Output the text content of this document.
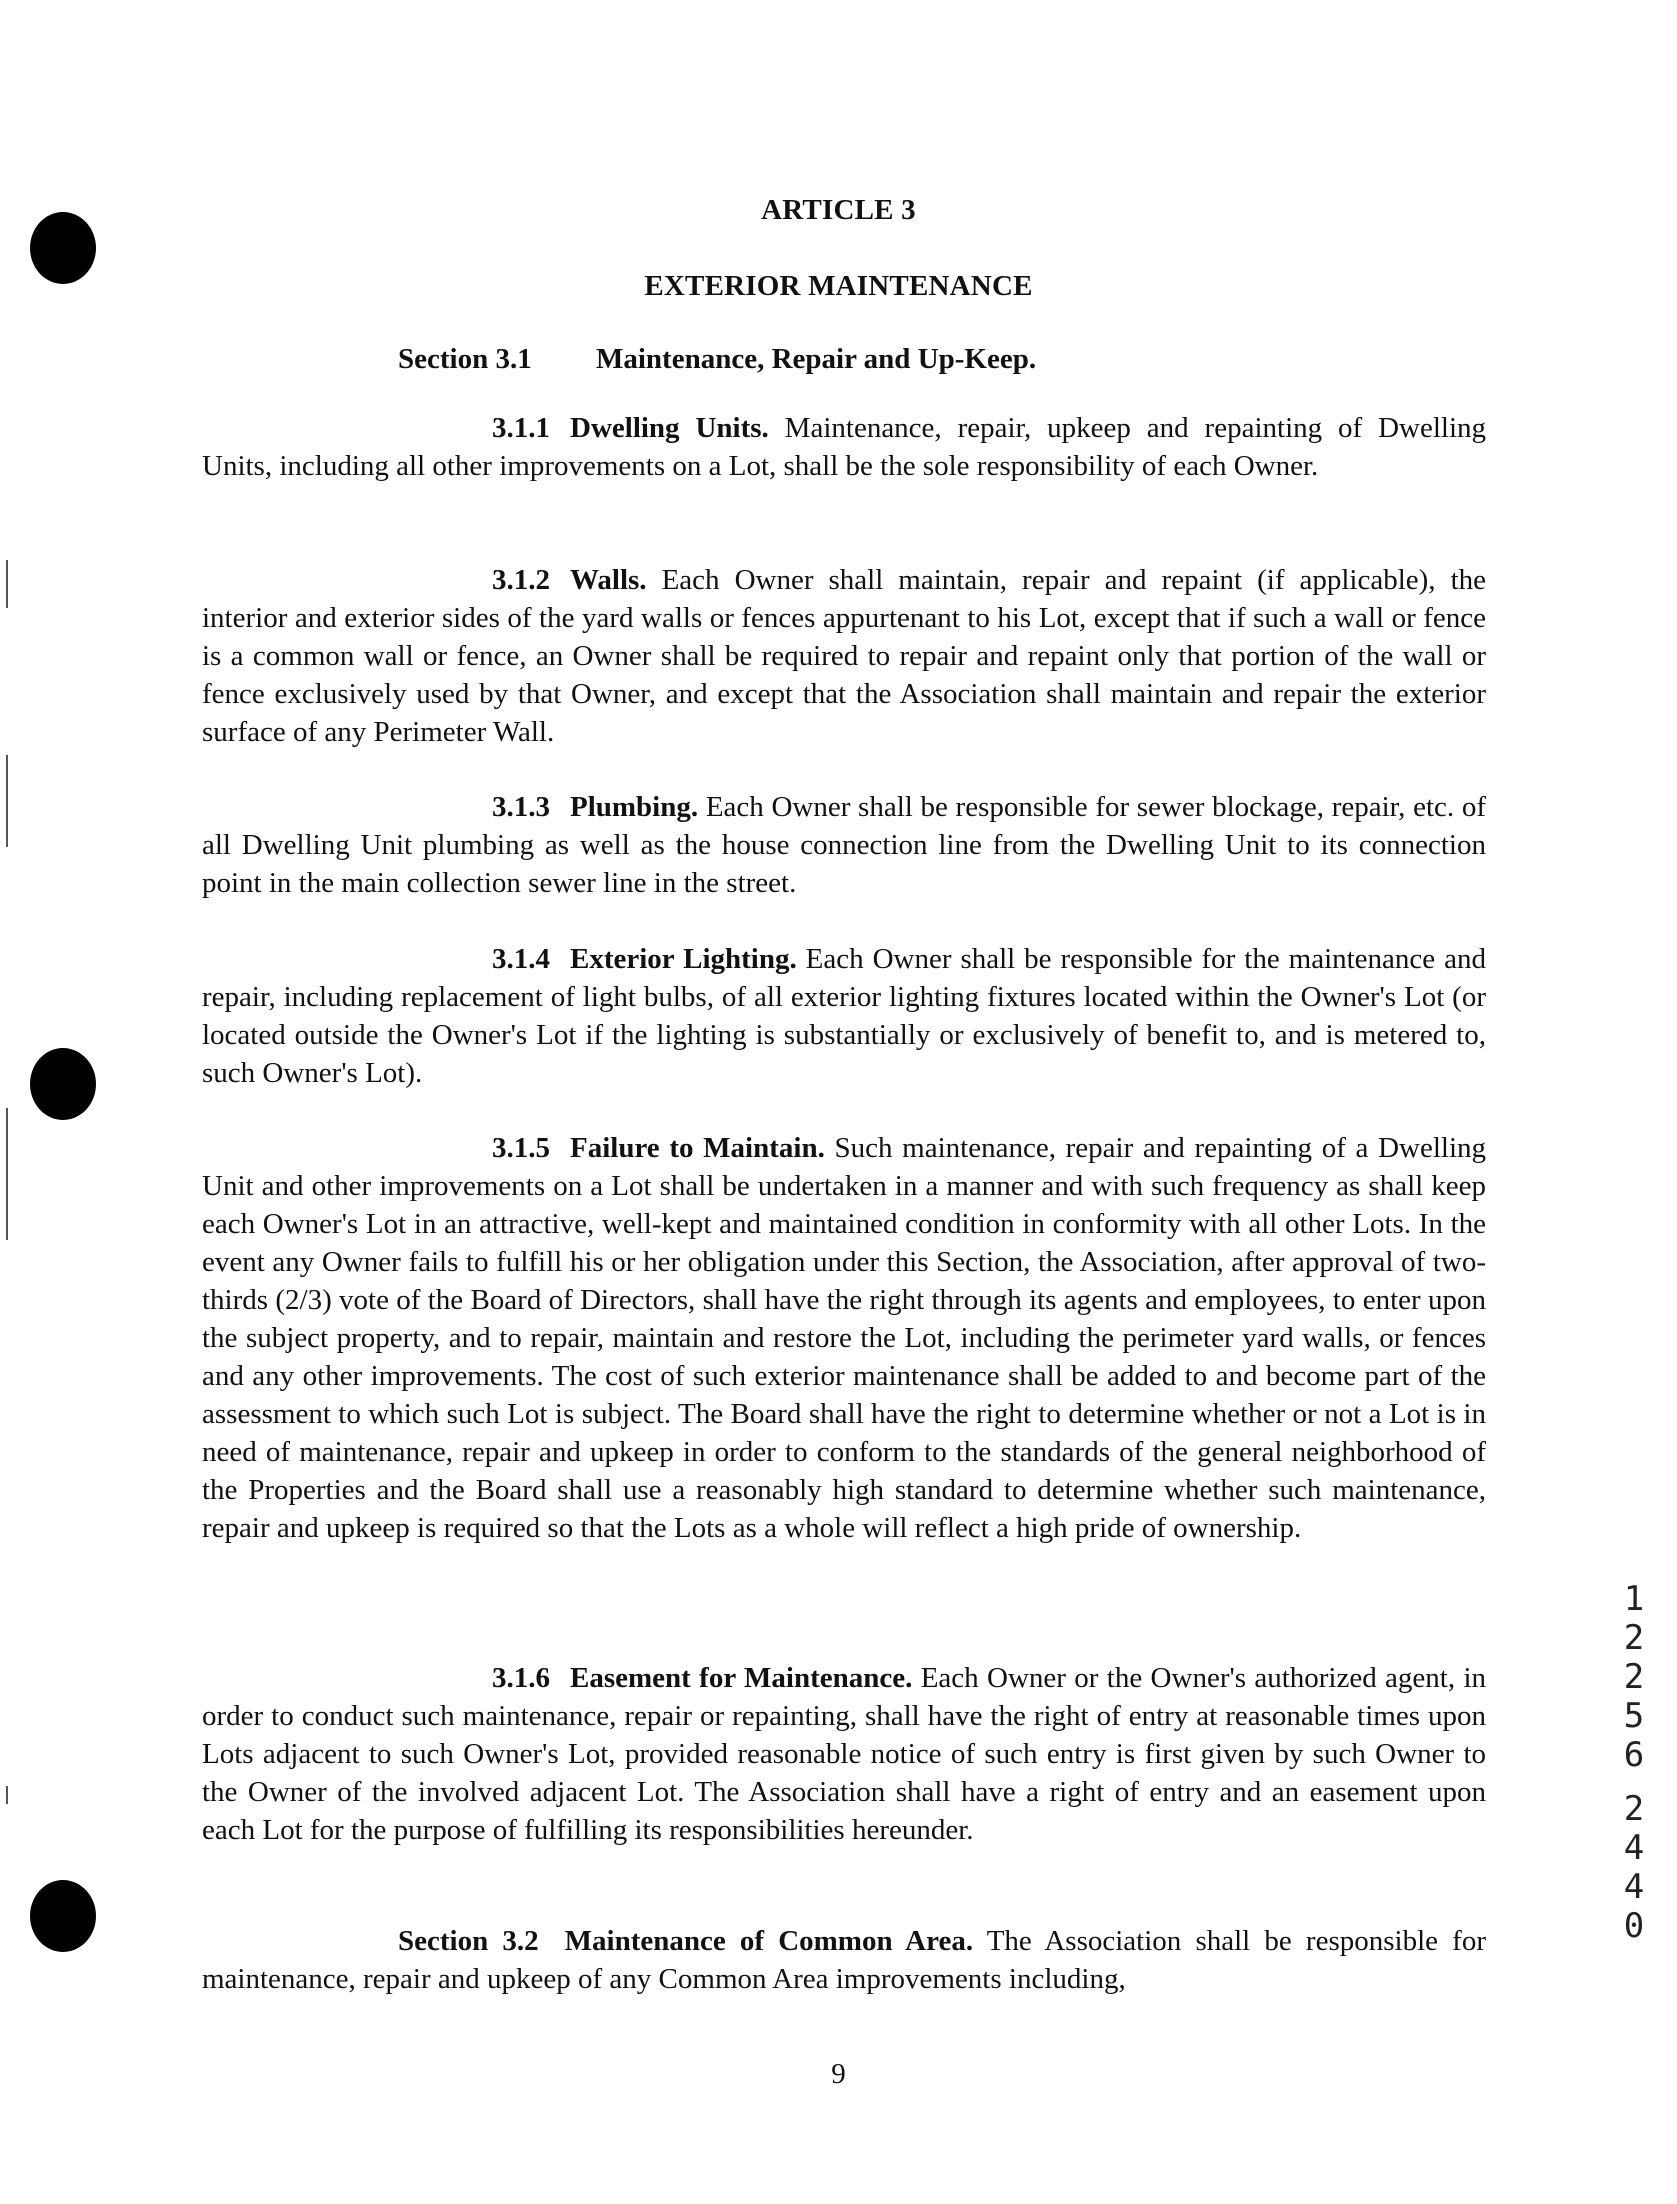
ARTICLE 3
EXTERIOR MAINTENANCE
Section 3.1 Maintenance, Repair and Up-Keep.
3.1.1 Dwelling Units. Maintenance, repair, upkeep and repainting of Dwelling Units, including all other improvements on a Lot, shall be the sole responsibility of each Owner.
3.1.2 Walls. Each Owner shall maintain, repair and repaint (if applicable), the interior and exterior sides of the yard walls or fences appurtenant to his Lot, except that if such a wall or fence is a common wall or fence, an Owner shall be required to repair and repaint only that portion of the wall or fence exclusively used by that Owner, and except that the Association shall maintain and repair the exterior surface of any Perimeter Wall.
3.1.3 Plumbing. Each Owner shall be responsible for sewer blockage, repair, etc. of all Dwelling Unit plumbing as well as the house connection line from the Dwelling Unit to its connection point in the main collection sewer line in the street.
3.1.4 Exterior Lighting. Each Owner shall be responsible for the maintenance and repair, including replacement of light bulbs, of all exterior lighting fixtures located within the Owner's Lot (or located outside the Owner's Lot if the lighting is substantially or exclusively of benefit to, and is metered to, such Owner's Lot).
3.1.5 Failure to Maintain. Such maintenance, repair and repainting of a Dwelling Unit and other improvements on a Lot shall be undertaken in a manner and with such frequency as shall keep each Owner's Lot in an attractive, well-kept and maintained condition in conformity with all other Lots. In the event any Owner fails to fulfill his or her obligation under this Section, the Association, after approval of two-thirds (2/3) vote of the Board of Directors, shall have the right through its agents and employees, to enter upon the subject property, and to repair, maintain and restore the Lot, including the perimeter yard walls, or fences and any other improvements. The cost of such exterior maintenance shall be added to and become part of the assessment to which such Lot is subject. The Board shall have the right to determine whether or not a Lot is in need of maintenance, repair and upkeep in order to conform to the standards of the general neighborhood of the Properties and the Board shall use a reasonably high standard to determine whether such maintenance, repair and upkeep is required so that the Lots as a whole will reflect a high pride of ownership.
3.1.6 Easement for Maintenance. Each Owner or the Owner's authorized agent, in order to conduct such maintenance, repair or repainting, shall have the right of entry at reasonable times upon Lots adjacent to such Owner's Lot, provided reasonable notice of such entry is first given by such Owner to the Owner of the involved adjacent Lot. The Association shall have a right of entry and an easement upon each Lot for the purpose of fulfilling its responsibilities hereunder.
Section 3.2 Maintenance of Common Area. The Association shall be responsible for maintenance, repair and upkeep of any Common Area improvements including,
1
2
2
5
6
2
4
4
0
9
